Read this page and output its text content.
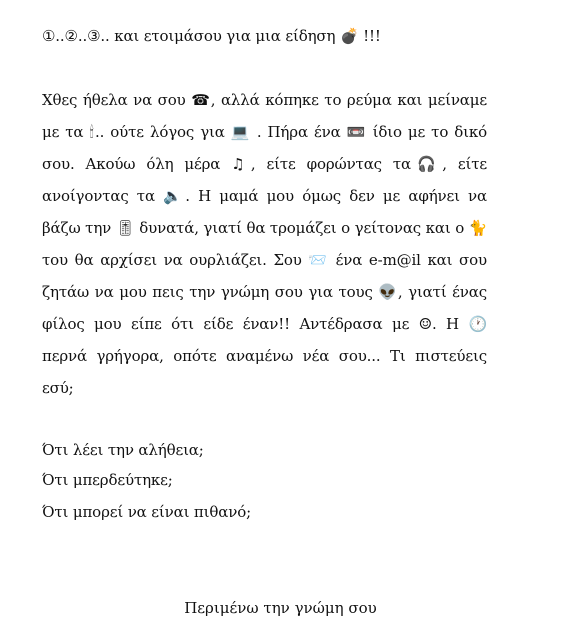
①..②..③.. και ετοιμάσου για μια είδηση 💣 !!!
Χθες ήθελα να σου ☎, αλλά κόπηκε το ρεύμα και μείναμε
με τα 🕯.. ούτε λόγος για 💻 . Πήρα ένα 📼 ίδιο με το δικό
σου. Ακούω όλη μέρα ♫, είτε φορώντας τα🎧, είτε
ανοίγοντας τα 🔈. Η μαμά μου όμως δεν με αφήνει να
βάζω την 🎚 δυνατά, γιατί θα τρομάζει ο γείτονας και ο 🐈
του θα αρχίσει να ουρλιάζει. Σου 📨 ένα e-m@il και σου
ζητάω να μου πεις την γνώμη σου για τους 👽, γιατί ένας
φίλος μου είπε ότι είδε έναν!! Αντέδρασα με ☺. Η 🕐
περνά γρήγορα, οπότε αναμένω νέα σου... Τι πιστεύεις
εσύ;
Ότι λέει την αλήθεια;
Ότι μπερδεύτηκε;
Ότι μπορεί να είναι πιθανό;
Περιμένω την γνώμη σου
